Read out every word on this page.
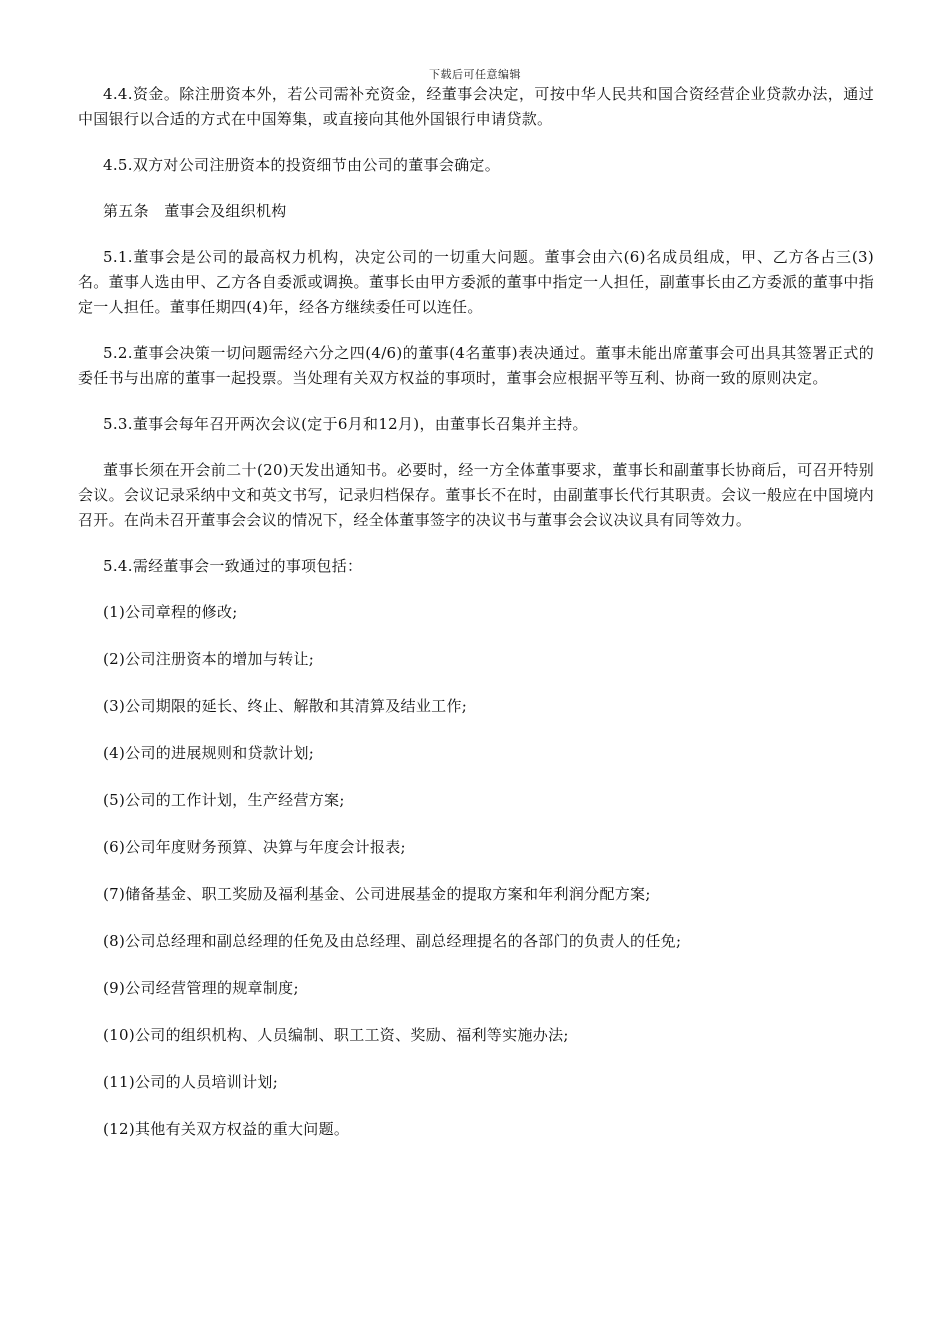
下载后可任意编辑

4.4.资金。除注册资本外，若公司需补充资金，经董事会决定，可按中华人民共和国合资经营企业贷款办法，通过中国银行以合适的方式在中国筹集，或直接向其他外国银行申请贷款。

4.5.双方对公司注册资本的投资细节由公司的董事会确定。

第五条　董事会及组织机构

5.1.董事会是公司的最高权力机构，决定公司的一切重大问题。董事会由六(6)名成员组成，甲、乙方各占三(3)名。董事人选由甲、乙方各自委派或调换。董事长由甲方委派的董事中指定一人担任，副董事长由乙方委派的董事中指定一人担任。董事任期四(4)年，经各方继续委任可以连任。

5.2.董事会决策一切问题需经六分之四(4/6)的董事(4名董事)表决通过。董事未能出席董事会可出具其签署正式的委任书与出席的董事一起投票。当处理有关双方权益的事项时，董事会应根据平等互利、协商一致的原则决定。

5.3.董事会每年召开两次会议(定于6月和12月)，由董事长召集并主持。

董事长须在开会前二十(20)天发出通知书。必要时，经一方全体董事要求，董事长和副董事长协商后，可召开特别会议。会议记录采纳中文和英文书写，记录归档保存。董事长不在时，由副董事长代行其职责。会议一般应在中国境内召开。在尚未召开董事会会议的情况下，经全体董事签字的决议书与董事会会议决议具有同等效力。

5.4.需经董事会一致通过的事项包括：

(1)公司章程的修改;

(2)公司注册资本的增加与转让;

(3)公司期限的延长、终止、解散和其清算及结业工作;

(4)公司的进展规则和贷款计划;

(5)公司的工作计划，生产经营方案;

(6)公司年度财务预算、决算与年度会计报表;

(7)储备基金、职工奖励及福利基金、公司进展基金的提取方案和年利润分配方案;

(8)公司总经理和副总经理的任免及由总经理、副总经理提名的各部门的负责人的任免;

(9)公司经营管理的规章制度;

(10)公司的组织机构、人员编制、职工工资、奖励、福利等实施办法;

(11)公司的人员培训计划;

(12)其他有关双方权益的重大问题。
